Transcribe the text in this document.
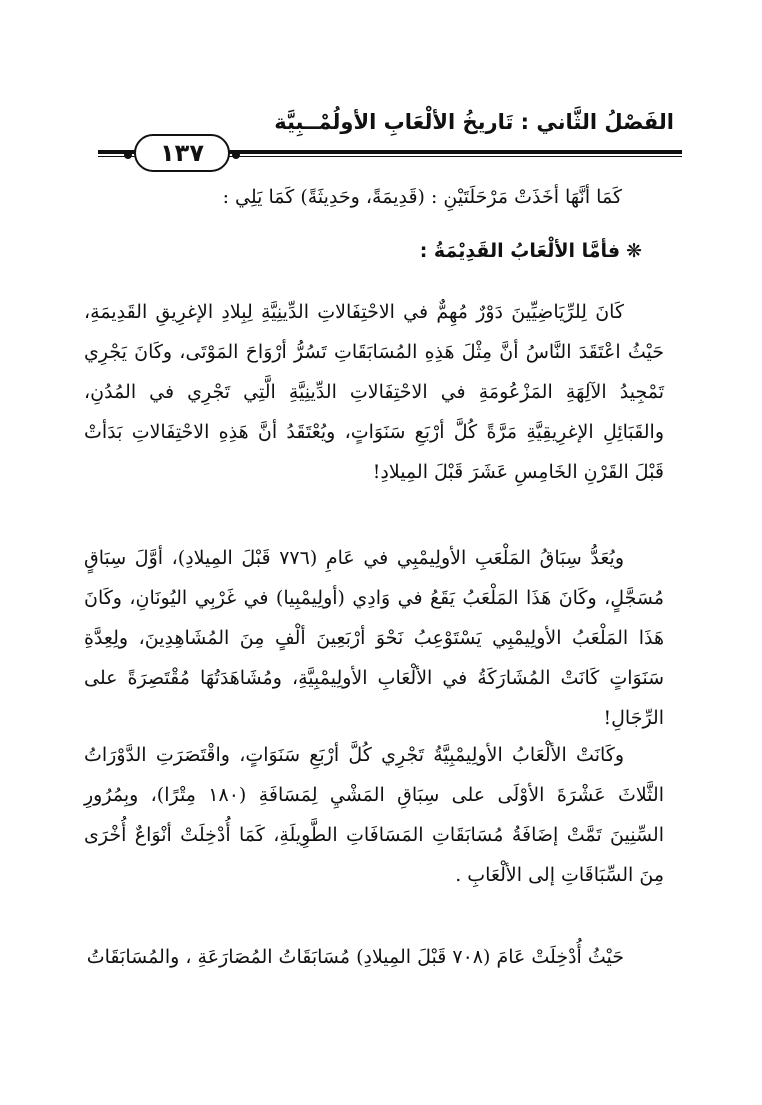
الفَصْلُ الثَّاني : تَاريخُ الألْعَابِ الأولُمْــبِيَّة
١٣٧
كَمَا أنَّهَا أخَذَتْ مَرْحَلَتَيْنِ : (قَدِيمَةً، وحَدِيثَةً) كَمَا يَلِي :
❋فأمَّا الألْعَابُ القَدِيْمَةُ :

كَانَ لِلرِّيَاضِيِّينَ دَوْرٌ مُهِمٌّ في الاحْتِفَالاتِ الدِّينِيَّةِ لِبِلادِ الإغرِيقِ القَدِيمَةِ، حَيْثُ اعْتَقَدَ النَّاسُ أنَّ مِثْلَ هَذِهِ المُسَابَقَاتِ تَسُرُّ أرْوَاحَ المَوْتَى، وكَانَ يَجْرِي تَمْجِيدُ الآلِهَةِ المَزْعُومَةِ في الاحْتِفَالاتِ الدِّينِيَّةِ الَّتِي تَجْرِي في المُدُنِ، والقَبَائِلِ الإغرِيقِيَّةِ مَرَّةً كُلَّ أرْبَعِ سَنَوَاتٍ، ويُعْتَقَدُ أنَّ هَذِهِ الاحْتِفَالاتِ بَدَأتْ قَبْلَ القَرْنِ الخَامِسِ عَشَرَ قَبْلَ المِيلادِ!

ويُعَدُّ سِبَاقُ المَلْعَبِ الأولِيمْبِي في عَامِ (٧٧٦ قَبْلَ المِيلادِ)، أوَّلَ سِبَاقٍ مُسَجَّلٍ، وكَانَ هَذَا المَلْعَبُ يَقَعُ في وَادِي (أولِيمْبِيا) في غَرْبِي اليُونَانِ، وكَانَ هَذَا المَلْعَبُ الأولِيمْبِي يَسْتَوْعِبُ نَحْوَ أرْبَعِينَ ألْفٍ مِنَ المُشَاهِدِينَ، ولِعِدَّةِ سَنَوَاتٍ كَانَتْ المُشَارَكَةُ في الألْعَابِ الأولِيمْبِيَّةِ، ومُشَاهَدَتُهَا مُقْتَصِرَةً على الرِّجَالِ!

وكَانَتْ الألْعَابُ الأولِيمْبِيَّةُ تَجْرِي كُلَّ أرْبَعِ سَنَوَاتٍ، واقْتَصَرَتِ الدَّوْرَاتُ الثَّلاثَ عَشْرَةَ الأوْلَى على سِبَاقِ المَشْيِ لِمَسَافَةِ (١٨٠ مِتْرًا)، وبِمُرُورِ السِّنِينَ تَمَّتْ إضَافَةُ مُسَابَقَاتِ المَسَافَاتِ الطَّوِيلَةِ، كَمَا أُدْخِلَتْ أنْوَاعٌ أُخْرَى مِنَ السِّبَاقَاتِ إلى الألْعَابِ .

حَيْثُ أُدْخِلَتْ عَامَ (٧٠٨ قَبْلَ المِيلادِ) مُسَابَقَاتُ المُصَارَعَةِ ، والمُسَابَقَاتُ
